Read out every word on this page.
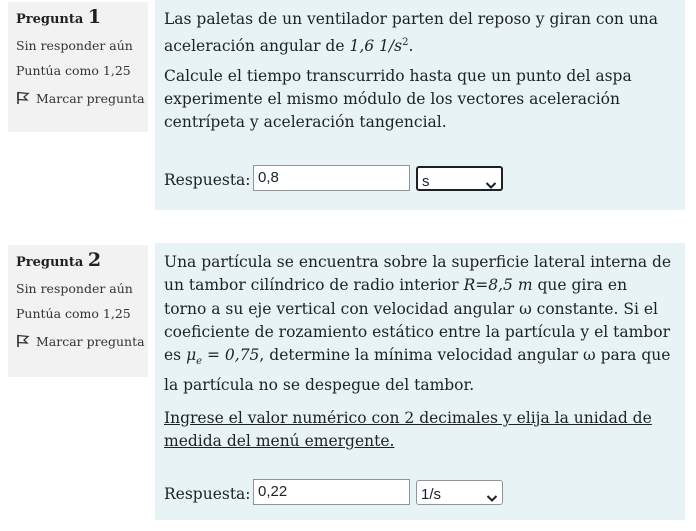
Pregunta 1
Sin responder aún
Puntúa como 1,25
Marcar pregunta

Las paletas de un ventilador parten del reposo y giran con una
aceleración angular de 1,6 $1/s^2$.

Calcule el tiempo transcurrido hasta que un punto del aspa experimente el mismo módulo de los vectores aceleración centrípeta y aceleración tangencial.

Respuesta: 0,8	s
Pregunta 2
Sin responder aún
Puntúa como 1,25
Marcar pregunta

Una partícula se encuentra sobre la superficie lateral interna de un tambor cilíndrico de radio interior R=8,5 m que gira en torno a su eje vertical con velocidad angular ω constante. Si el coeficiente de rozamiento estático entre la partícula y el tambor es $\mu_e = 0,75$, determine la mínima velocidad angular ω para que la partícula no se despegue del tambor.

Ingrese el valor numérico con 2 decimales y elija la unidad de medida del menú emergente.

Respuesta: 0,22	1/s
